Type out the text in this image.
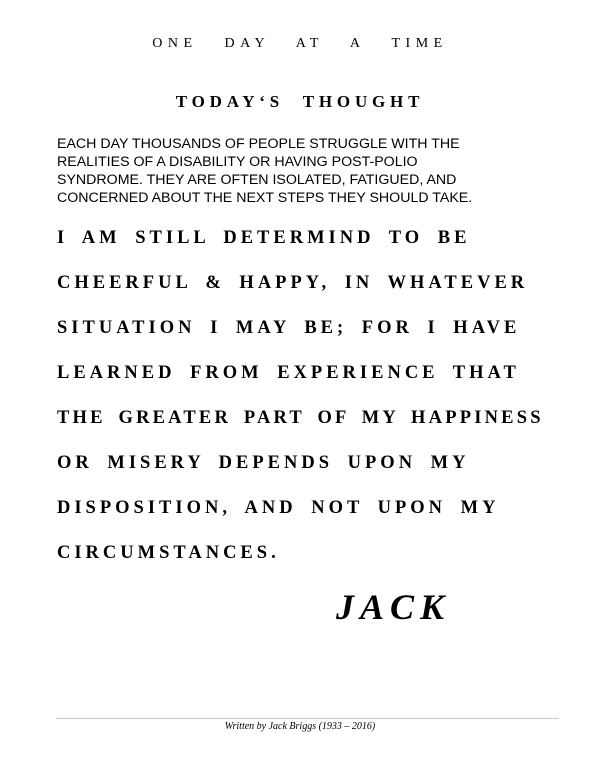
ONE DAY AT A TIME
TODAY‘S THOUGHT
EACH DAY THOUSANDS OF PEOPLE STRUGGLE WITH THE
REALITIES OF A DISABILITY OR HAVING POST-POLIO
SYNDROME. THEY ARE OFTEN ISOLATED, FATIGUED, AND
CONCERNED ABOUT THE NEXT STEPS THEY SHOULD TAKE.
I AM STILL DETERMIND TO BE
CHEERFUL & HAPPY, IN WHATEVER
SITUATION I MAY BE; FOR I HAVE
LEARNED FROM EXPERIENCE THAT
THE GREATER PART OF MY HAPPINESS
OR MISERY DEPENDS UPON MY
DISPOSITION, AND NOT UPON MY
CIRCUMSTANCES.
JACK
Written by Jack Briggs (1933 – 2016)
